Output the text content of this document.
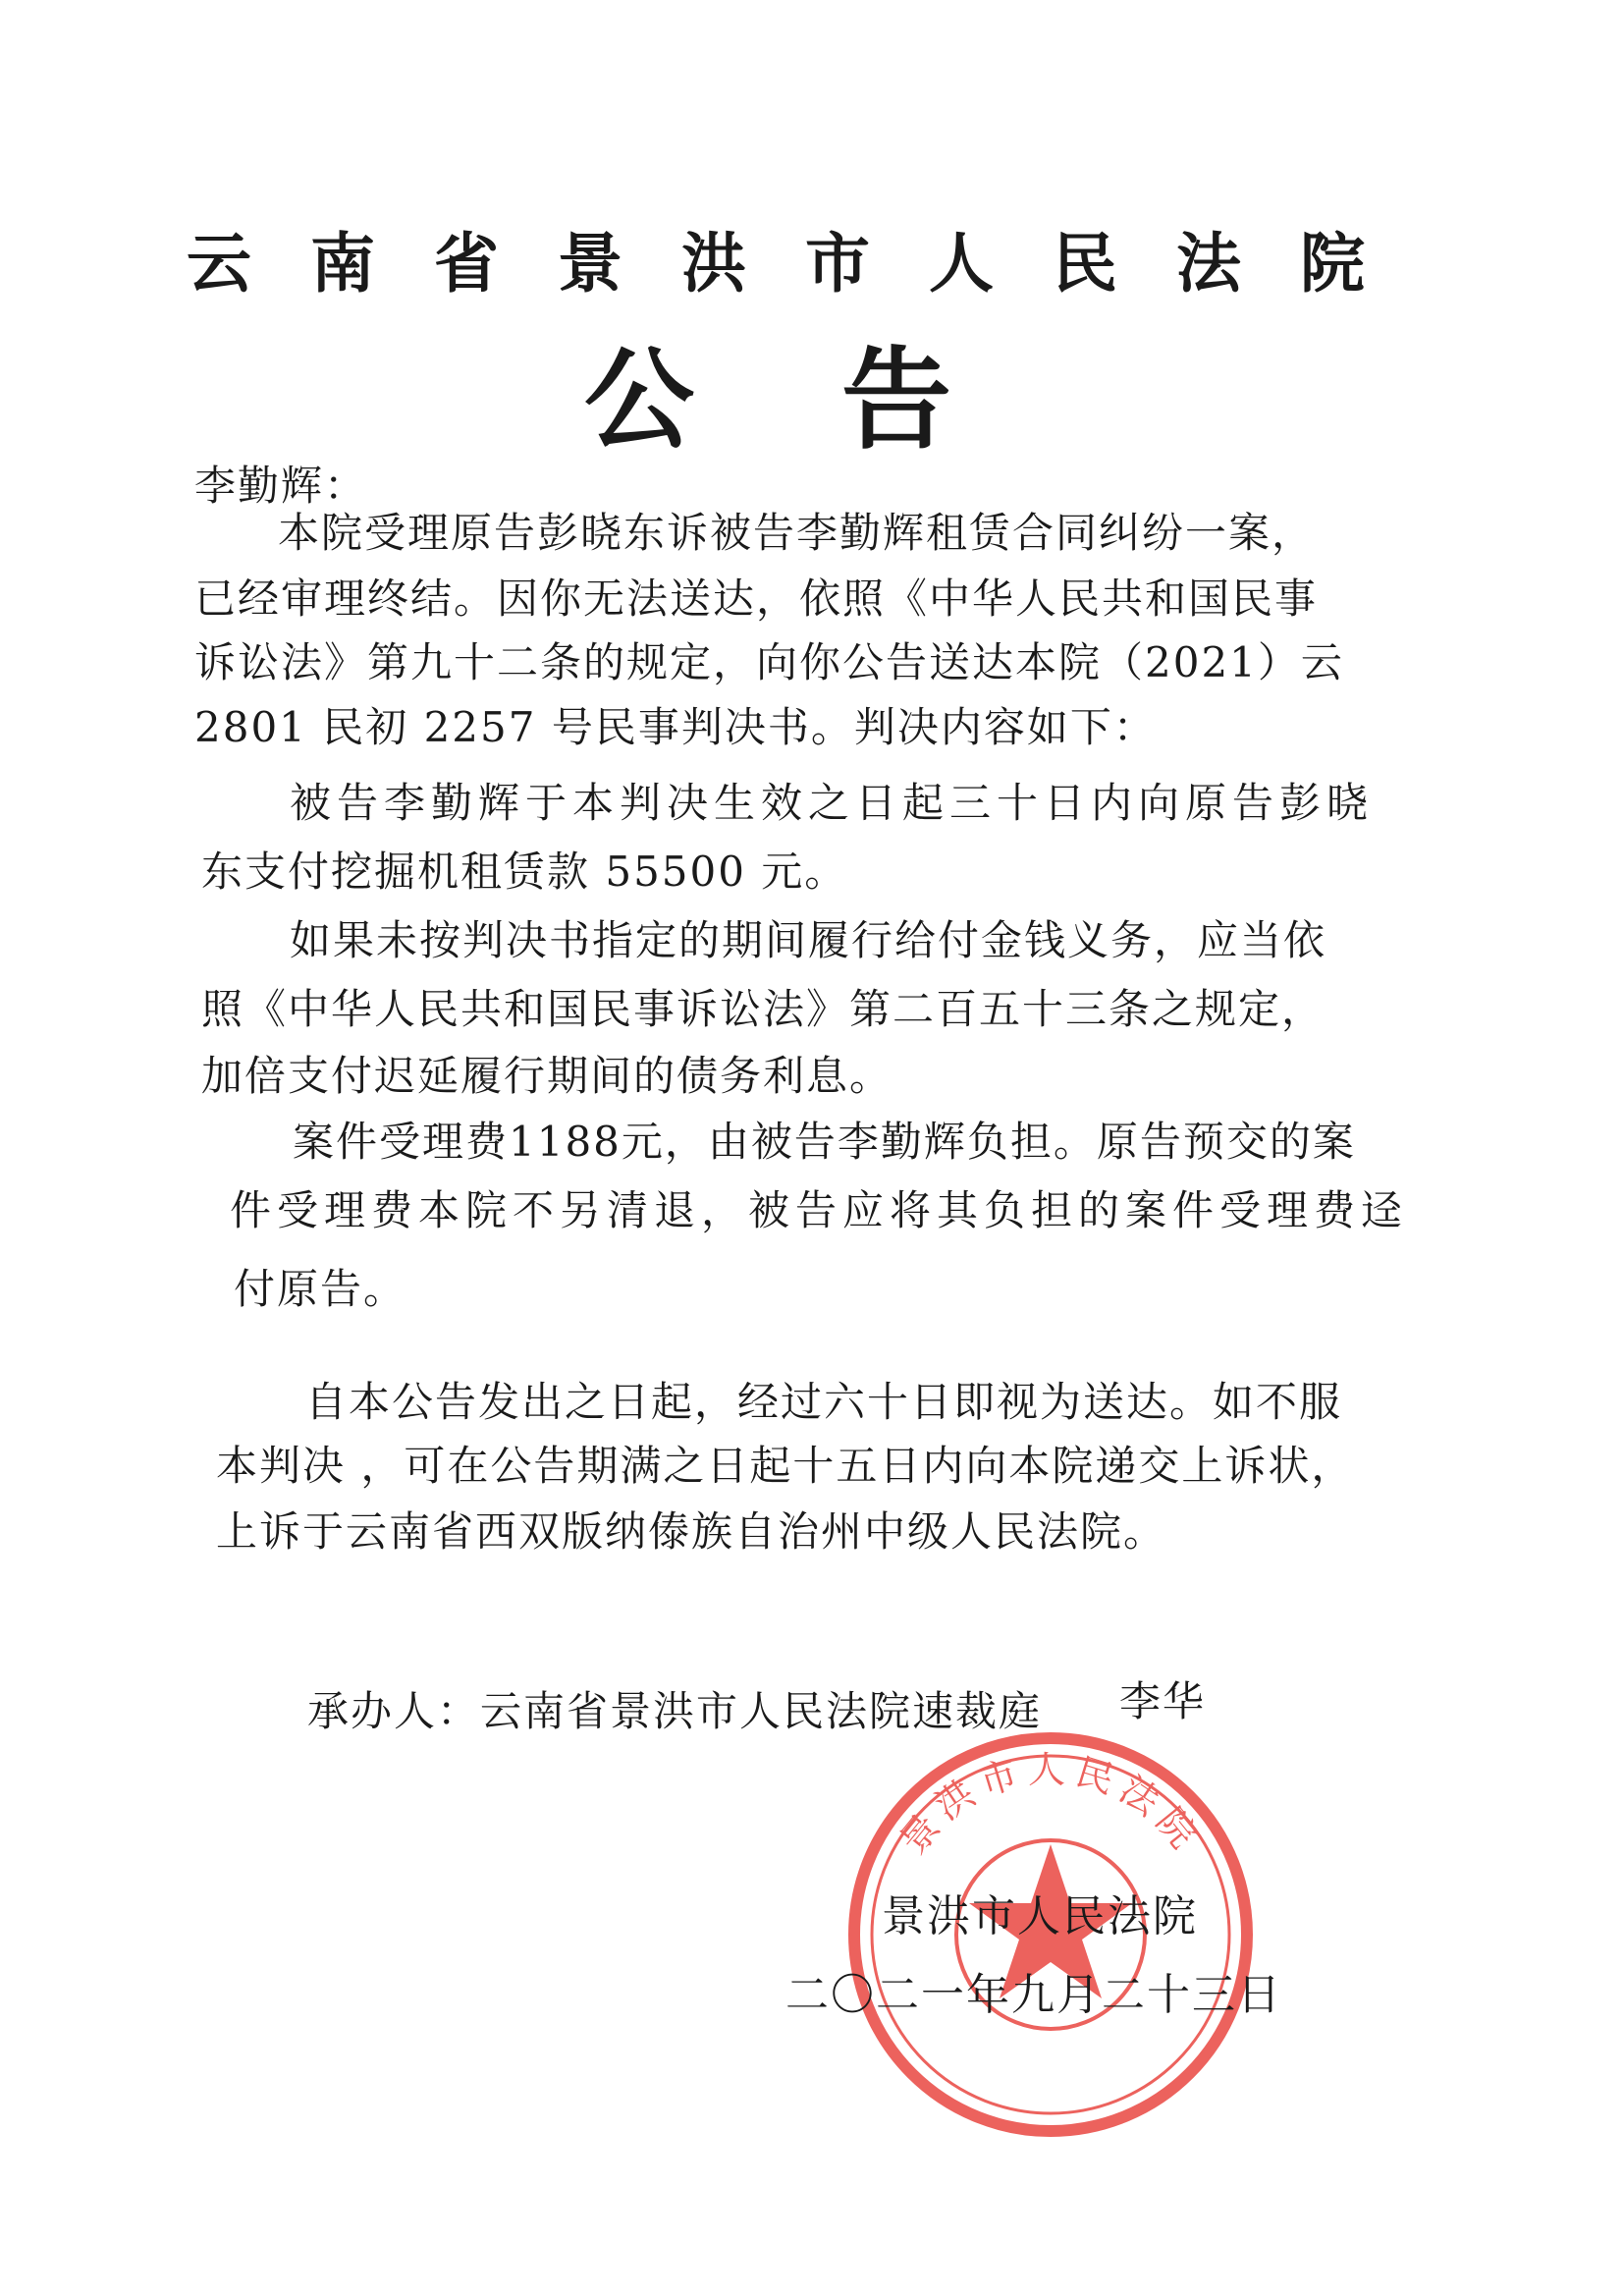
云南省景洪市人民法院
公告
李勤辉：
本院受理原告彭晓东诉被告李勤辉租赁合同纠纷一案，
已经审理终结。因你无法送达，依照《中华人民共和国民事
诉讼法》第九十二条的规定，向你公告送达本院（2021）云
2801 民初 2257 号民事判决书。判决内容如下：
被告李勤辉于本判决生效之日起三十日内向原告彭晓
东支付挖掘机租赁款 55500 元。
如果未按判决书指定的期间履行给付金钱义务，应当依
照《中华人民共和国民事诉讼法》第二百五十三条之规定，
加倍支付迟延履行期间的债务利息。
案件受理费1188元，由被告李勤辉负担。原告预交的案
件受理费本院不另清退，被告应将其负担的案件受理费迳
付原告。
自本公告发出之日起，经过六十日即视为送达。如不服
本判决 ，可在公告期满之日起十五日内向本院递交上诉状，
上诉于云南省西双版纳傣族自治州中级人民法院。
承办人：云南省景洪市人民法院速裁庭 李华
景洪市人民法院
景洪市人民法院
二〇二一年九月二十三日
